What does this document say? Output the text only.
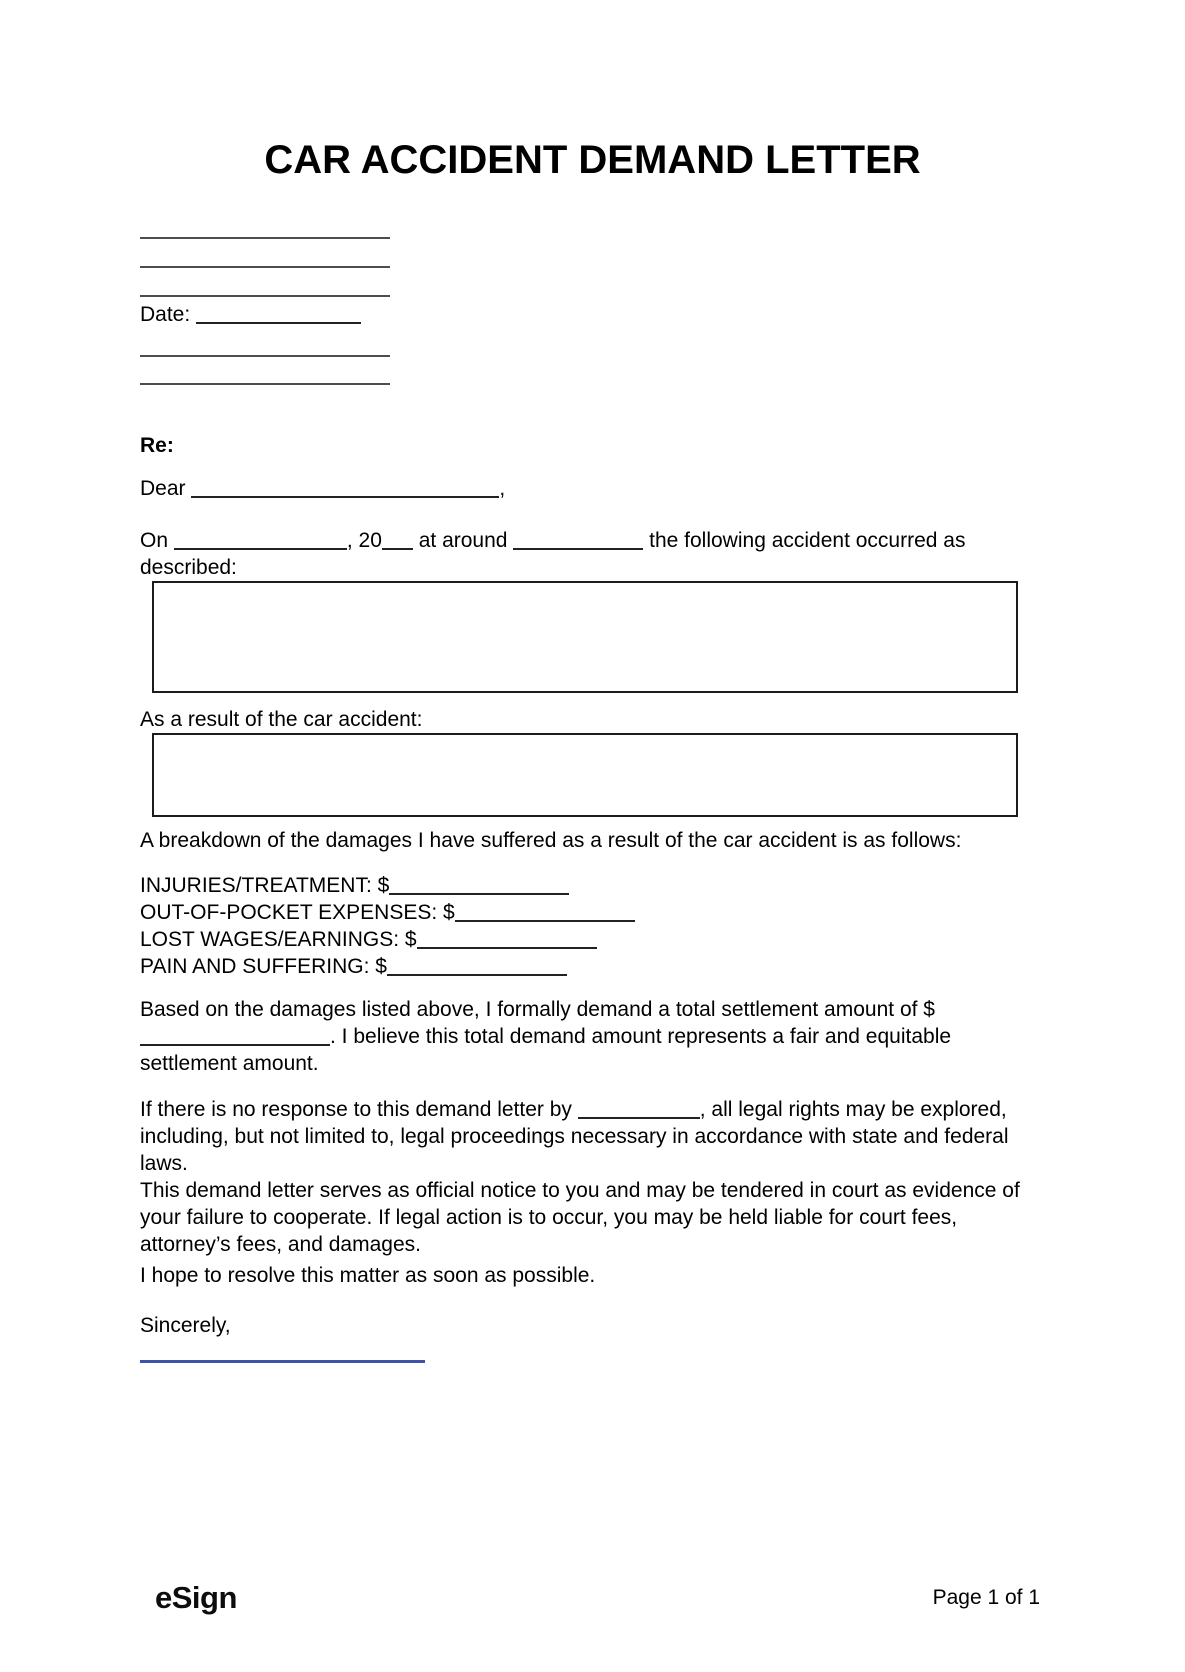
CAR ACCIDENT DEMAND LETTER
Date:
Re:
Dear	,
On	, 20 at around	the following accident occurred as described:
As a result of the car accident:
A breakdown of the damages I have suffered as a result of the car accident is as follows:
INJURIES/TREATMENT: $
OUT-OF-POCKET EXPENSES: $
LOST WAGES/EARNINGS: $
PAIN AND SUFFERING: $
Based on the damages listed above, I formally demand a total settlement amount of $. I believe this total demand amount represents a fair and equitable settlement amount.
If there is no response to this demand letter by	, all legal rights may be explored, including, but not limited to, legal proceedings necessary in accordance with state and federal laws.
This demand letter serves as official notice to you and may be tendered in court as evidence of your failure to cooperate. If legal action is to occur, you may be held liable for court fees, attorney’s fees, and damages.
I hope to resolve this matter as soon as possible.
Sincerely,
eSign	Page 1 of 1
